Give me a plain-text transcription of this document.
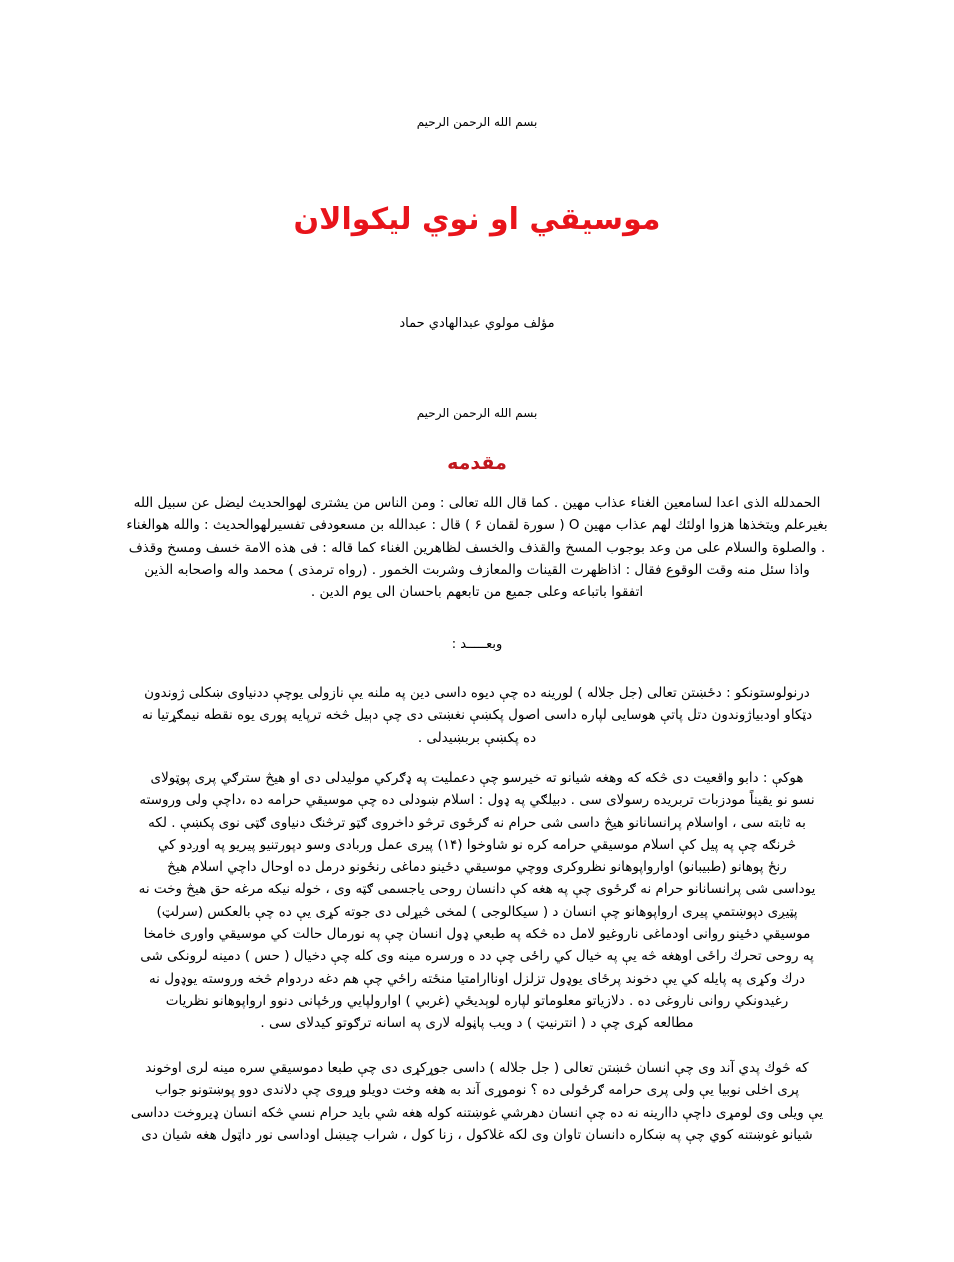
بسم الله الرحمن الرحيم
موسيقي او نوي ليكوالان
مؤلف مولوي عبدالهادي حماد
بسم الله الرحمن الرحيم
مقدمه
الحمدلله الذى اعدا لسامعين الغناء عذاب مهين . كما قال الله تعالى : ومن الناس من يشترى لهوالحديث ليضل عن سبيل الله
بغيرعلم ويتخذها هزوا اولئك لهم عذاب مهين O ( سورة لقمان ۶ ) قال : عبدالله بن مسعودفى تفسيرلهوالحديث : والله هوالغناء
. والصلوة والسلام على من وعد بوجوب المسخ والقذف والخسف لظاهرين الغناء كما قاله : فى هذه الامة خسف ومسخ وقذف
واذا سئل منه وقت الوقوع فقال : اذاظهرت القينات والمعازف وشربت الخمور . (رواه ترمذى ) محمد واله واصحابه الذين
اتفقوا باتباعه وعلى جميع من تابعهم باحسان الى يوم الدين .
وبعـــــد :
درنولوستونكو : دځښتن تعالى (جل جلاله ) لورينه ده چې ديوه داسى دين په ملنه يې نازولى يوچې ددنياوى ښكلى ژوندون
دټكاو اودبياژوندون دتل پاتې هوسايى لپاره داسى اصول پكښې نغښتى دى چې دېيل څخه ترپايه پورى يوه نقطه نيمګړتيا نه
ده پكښې بربښيدلى .
هوكې : دابو واقعيت دى څكه كه وهغه شيانو ته خيرسو چې دعمليت په ډګركي موليدلى دى او هيڅ سترګي پرى پوټولاى
نسو نو يقيناً مودزبات تربريده رسولاى سى . دبيلګي په ډول : اسلام ښودلى ده چې موسيقي حرامه ده ،داچې ولى وروسته
به ثابته سى ، اواسلام پرانسانانو هيڅ داسى شى حرام نه ګرځوى ترڅو داخروى ګټو ترڅنګ دنياوى ګټى نوى پكښې . لكه
څرنګه چې په پيل كې اسلام موسيقي حرامه كره نو شاوخوا (۱۴) پيرى عمل وربادى وسو دپورتنيو پيريو په اوږدو كي
رنځ پوهانو (طبيبانو) اوارواپوهانو نظروكرى ووچي موسيقي دځينو دماغى رنځونو درمل ده اوحال داچي اسلام هيڅ
يوداسى شى پرانسانانو حرام نه ګرځوى چې په هغه كې دانسان روحى ياجسمى ګټه وى ، خوله نيكه مرغه حق هيڅ وخت نه
پټيږى دپوښتمي پيرى ارواپوهانو چې انسان د ( سيكالوجى ) لمخى څيړلى دى جوته كړى يې ده چې بالعكس (سرلټ)
موسيقي دځينو روانى اودماغى ناروغيو لامل ده څكه په طبعي ډول انسان چې په نورمال حالت كي موسيقي واورى خامخا
په روحى تحرك راځى اوهغه څه يې په خيال كي راځى چې دد ه ورسره مينه وى كله چې دخيال ( حس ) دمينه لرونكى شى
درك وكړى په پايله كي يې دخوند پرځاى يوډول تزلزل اوناارامتيا منځته راځي چې هم دغه دردوام څخه وروسته يوډول نه
رغيدونكي روانى ناروغى ده . دلازياتو معلوماتو لپاره لوېديځي (غربي ) اوارولپايي ورځپانى دنوو ارواپوهانو نظريات
مطالعه كړى چې د ( انترنيټ ) د ويب پاڼوله لارى په اسانه ترګوتو كيدلاى سى .
كه څوك پدي آند وى چې انسان څښتن تعالى ( جل جلاله ) داسى جوړكړى دى چې طبعا دموسيقي سره مينه لرى اوخوند
پرى اخلى نوبيا يې ولى پرى حرامه ګرځولى ده ؟ نوموړى آند به هغه وخت دويلو وړوى چې دلاندى دوو پوښتونو جواب
يې ويلى وى لومړى داچې داارينه نه ده چې انسان دهرشي غوښتنه كوله هغه شي بايد حرام نسي څكه انسان ډيروخت دداسى
شيانو غوښتنه كوي چې په ښكاره دانسان تاوان وى لكه غلاكول ، زنا كول ، شراب چيښل اوداسى نور داټول هغه شيان دى
